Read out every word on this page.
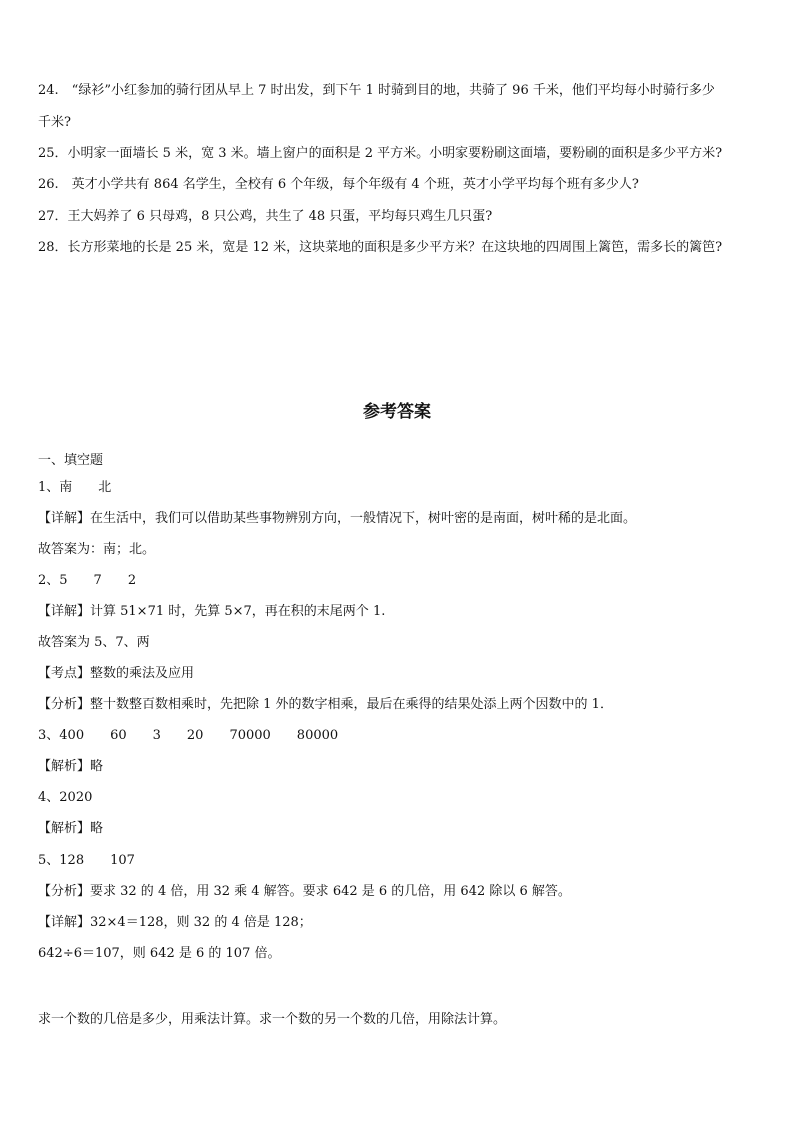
24.　“绿衫”小红参加的骑行团从早上 7 时出发，到下午 1 时骑到目的地，共骑了 96 千米，他们平均每小时骑行多少
千米?
25．小明家一面墙长 5 米，宽 3 米。墙上窗户的面积是 2 平方米。小明家要粉刷这面墙，要粉刷的面积是多少平方米?
26.　英才小学共有 864 名学生，全校有 6 个年级，每个年级有 4 个班，英才小学平均每个班有多少人?
27．王大妈养了 6 只母鸡，8 只公鸡，共生了 48 只蛋，平均每只鸡生几只蛋?
28．长方形菜地的长是 25 米，宽是 12 米，这块菜地的面积是多少平方米？在这块地的四周围上篱笆，需多长的篱笆?
参考答案
一、填空题
1、南　　北
【详解】在生活中，我们可以借助某些事物辨别方向，一般情况下，树叶密的是南面，树叶稀的是北面。
故答案为：南；北。
2、5　　7　　2
【详解】计算 51×71 时，先算 5×7，再在积的末尾两个 1.
故答案为 5、7、两
【考点】整数的乘法及应用
【分析】整十数整百数相乘时，先把除 1 外的数字相乘，最后在乘得的结果处添上两个因数中的 1．
3、400　　60　　3　　20　　70000　　80000
【解析】略
4、2020
【解析】略
5、128　　107
【分析】要求 32 的 4 倍，用 32 乘 4 解答。要求 642 是 6 的几倍，用 642 除以 6 解答。
【详解】32×4＝128，则 32 的 4 倍是 128；
642÷6＝107，则 642 是 6 的 107 倍。
求一个数的几倍是多少，用乘法计算。求一个数的另一个数的几倍，用除法计算。
